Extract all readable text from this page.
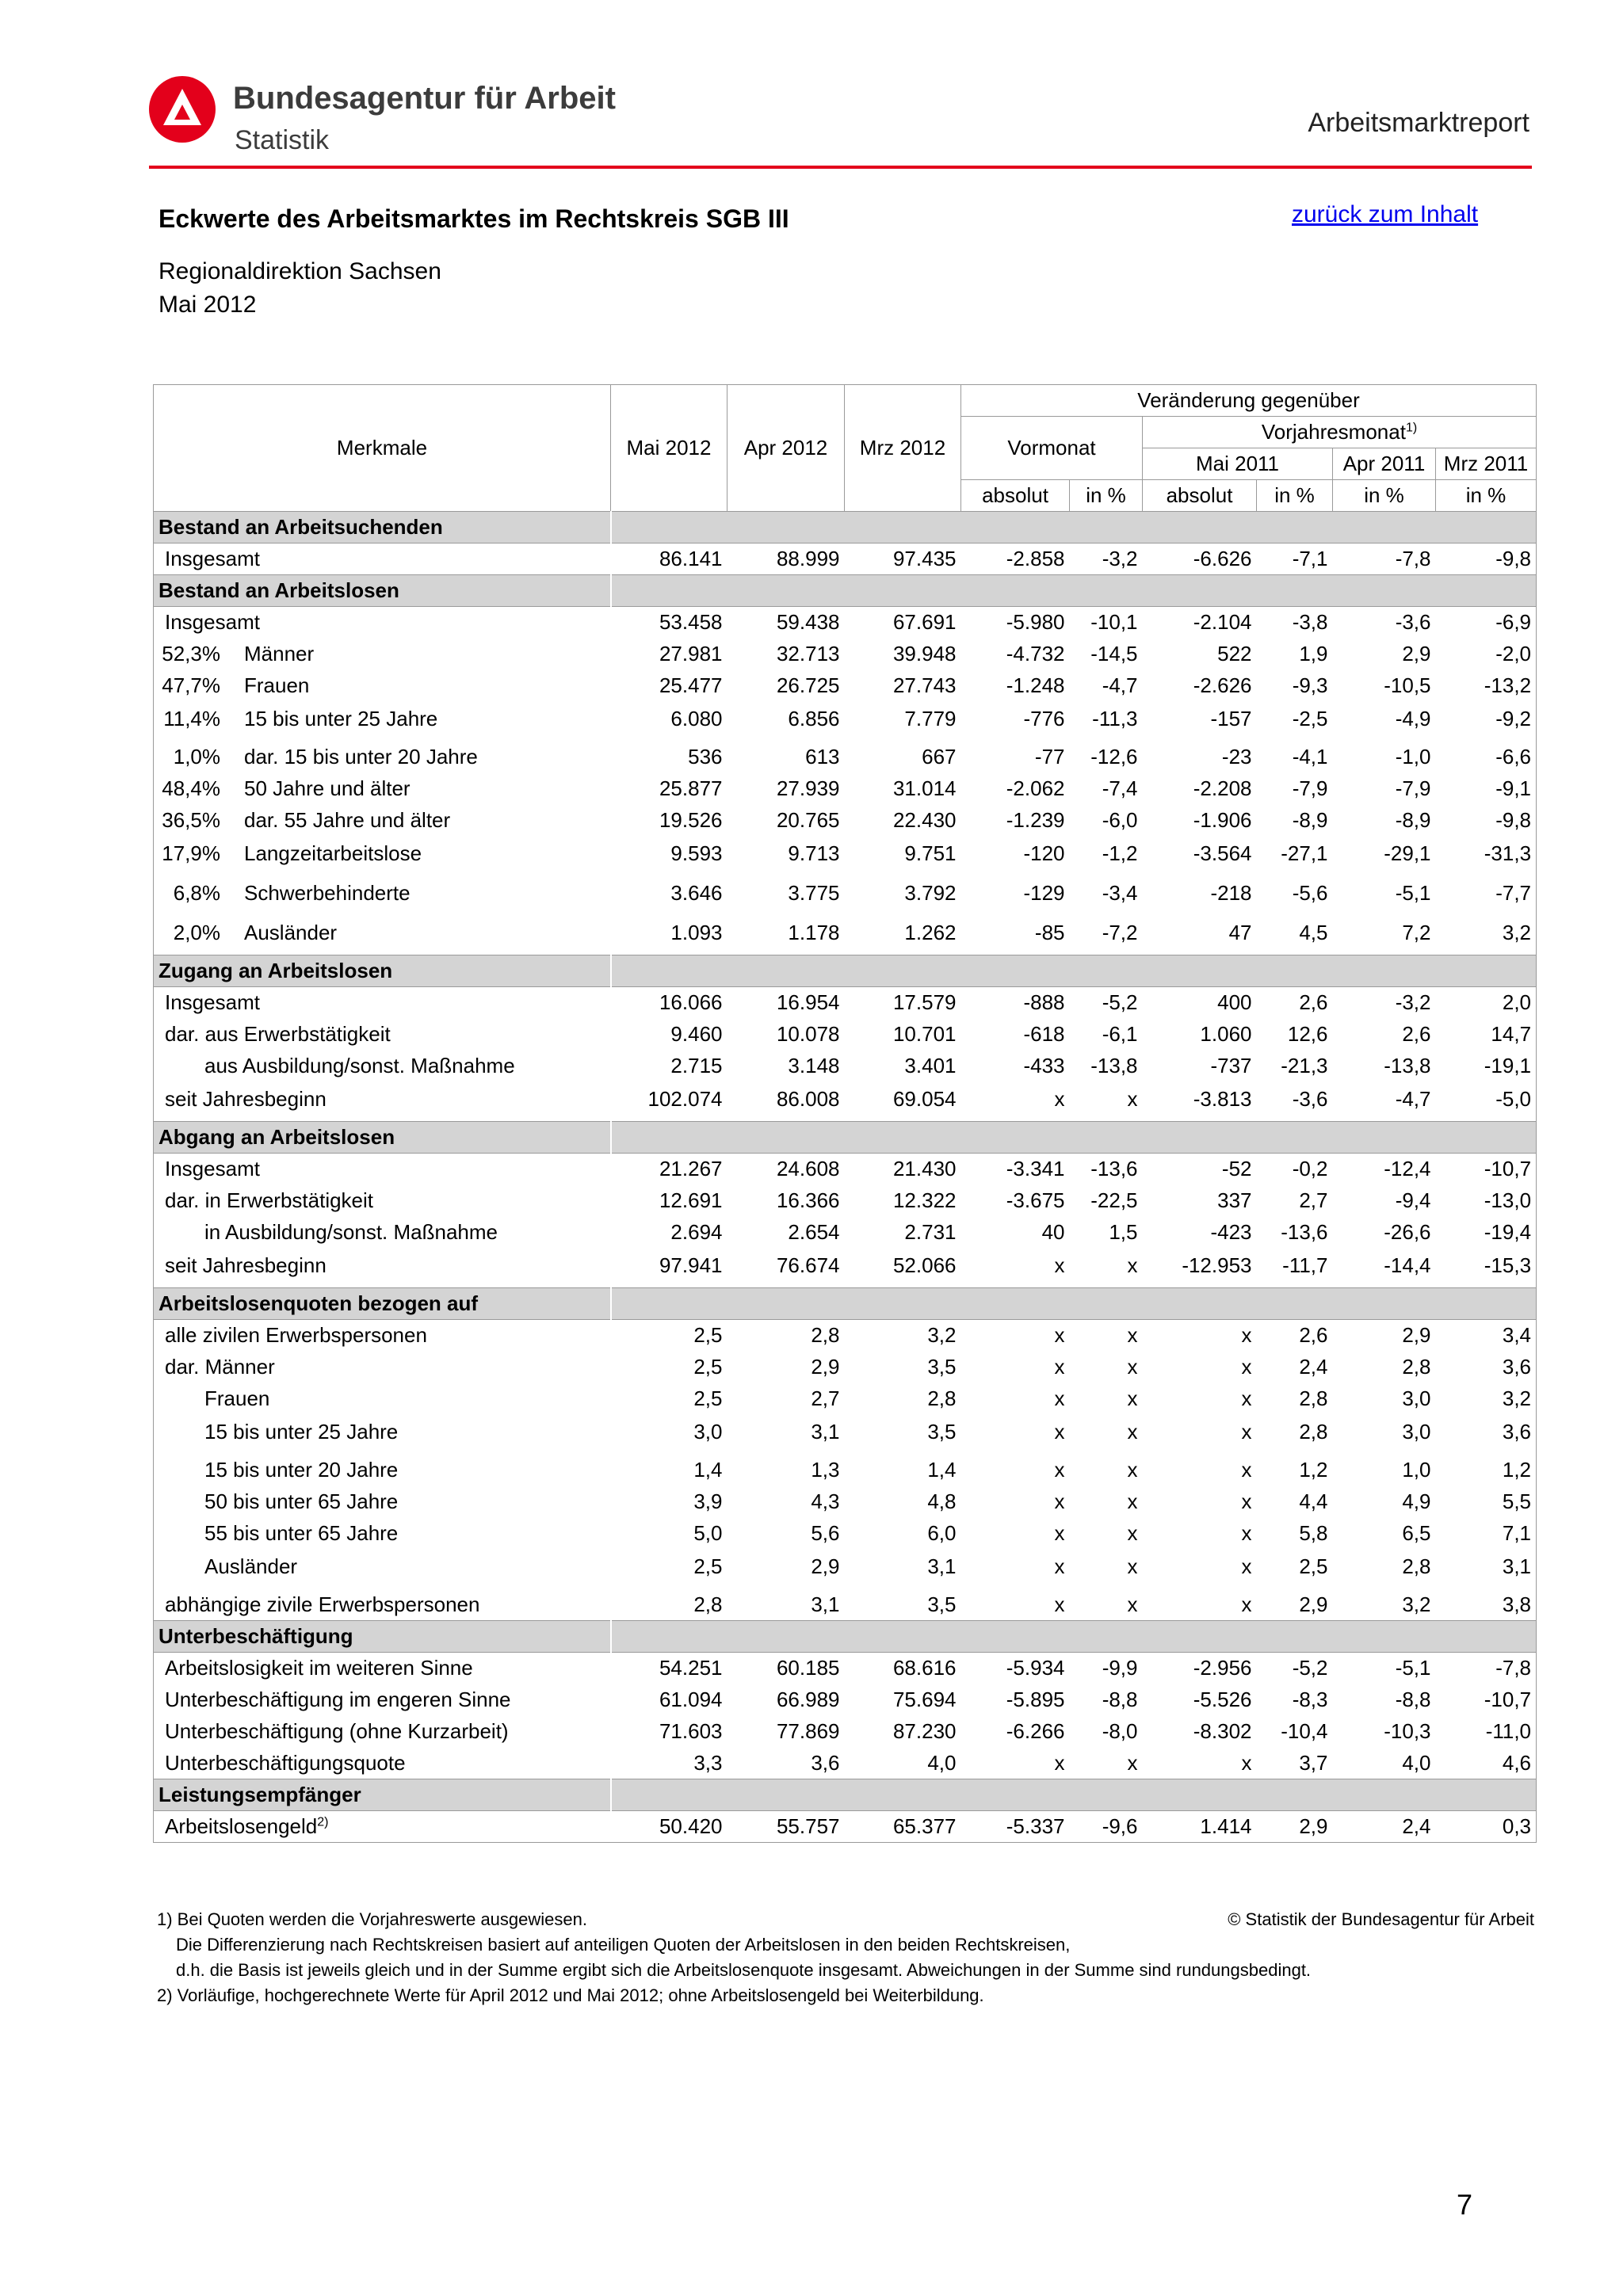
Bundesagentur für Arbeit
Statistik
Arbeitsmarktreport
Eckwerte des Arbeitsmarktes im Rechtskreis SGB III	zurück zum Inhalt
Regionaldirektion Sachsen
Mai 2012
Merkmale	Mai 2012	Apr 2012	Mrz 2012	Veränderung gegenüber					
				Vormonat		Vorjahresmonat$^{1)}$
						Mai 2011		Apr 2011	Mrz 2011
				absolut	in %	absolut	in %	in %	in %
Bestand an Arbeitsuchenden									
Insgesamt	86.141	88.999	97.435	-2.858	-3,2	-6.626	-7,1	-7,8	-9,8
Bestand an Arbeitslosen									
Insgesamt	53.458	59.438	67.691	-5.980	-10,1	-2.104	-3,8	-3,6	-6,9
52,3% Männer	27.981	32.713	39.948	-4.732	-14,5	522	1,9	2,9	-2,0
47,7% Frauen	25.477	26.725	27.743	-1.248	-4,7	-2.626	-9,3	-10,5	-13,2
11,4% 15 bis unter 25 Jahre	6.080	6.856	7.779	-776	-11,3	-157	-2,5	-4,9	-9,2
1,0% dar. 15 bis unter 20 Jahre	536	613	667	-77	-12,6	-23	-4,1	-1,0	-6,6
48,4% 50 Jahre und älter	25.877	27.939	31.014	-2.062	-7,4	-2.208	-7,9	-7,9	-9,1
36,5% dar. 55 Jahre und älter	19.526	20.765	22.430	-1.239	-6,0	-1.906	-8,9	-8,9	-9,8
17,9% Langzeitarbeitslose	9.593	9.713	9.751	-120	-1,2	-3.564	-27,1	-29,1	-31,3
6,8% Schwerbehinderte	3.646	3.775	3.792	-129	-3,4	-218	-5,6	-5,1	-7,7
2,0% Ausländer	1.093	1.178	1.262	-85	-7,2	47	4,5	7,2	3,2
Zugang an Arbeitslosen									
Insgesamt	16.066	16.954	17.579	-888	-5,2	400	2,6	-3,2	2,0
dar. aus Erwerbstätigkeit	9.460	10.078	10.701	-618	-6,1	1.060	12,6	2,6	14,7
aus Ausbildung/sonst. Maßnahme	2.715	3.148	3.401	-433	-13,8	-737	-21,3	-13,8	-19,1
seit Jahresbeginn	102.074	86.008	69.054	x	x	-3.813	-3,6	-4,7	-5,0
Abgang an Arbeitslosen									
Insgesamt	21.267	24.608	21.430	-3.341	-13,6	-52	-0,2	-12,4	-10,7
dar. in Erwerbstätigkeit	12.691	16.366	12.322	-3.675	-22,5	337	2,7	-9,4	-13,0
in Ausbildung/sonst. Maßnahme	2.694	2.654	2.731	40	1,5	-423	-13,6	-26,6	-19,4
seit Jahresbeginn	97.941	76.674	52.066	x	x	-12.953	-11,7	-14,4	-15,3
Arbeitslosenquoten bezogen auf									
alle zivilen Erwerbspersonen	2,5	2,8	3,2	x	x	x	2,6	2,9	3,4
dar. Männer	2,5	2,9	3,5	x	x	x	2,4	2,8	3,6
Frauen	2,5	2,7	2,8	x	x	x	2,8	3,0	3,2
15 bis unter 25 Jahre	3,0	3,1	3,5	x	x	x	2,8	3,0	3,6
15 bis unter 20 Jahre	1,4	1,3	1,4	x	x	x	1,2	1,0	1,2
50 bis unter 65 Jahre	3,9	4,3	4,8	x	x	x	4,4	4,9	5,5
55 bis unter 65 Jahre	5,0	5,6	6,0	x	x	x	5,8	6,5	7,1
Ausländer	2,5	2,9	3,1	x	x	x	2,5	2,8	3,1
abhängige zivile Erwerbspersonen	2,8	3,1	3,5	x	x	x	2,9	3,2	3,8
Unterbeschäftigung									
Arbeitslosigkeit im weiteren Sinne	54.251	60.185	68.616	-5.934	-9,9	-2.956	-5,2	-5,1	-7,8
Unterbeschäftigung im engeren Sinne	61.094	66.989	75.694	-5.895	-8,8	-5.526	-8,3	-8,8	-10,7
Unterbeschäftigung (ohne Kurzarbeit)	71.603	77.869	87.230	-6.266	-8,0	-8.302	-10,4	-10,3	-11,0
Unterbeschäftigungsquote	3,3	3,6	4,0	x	x	x	3,7	4,0	4,6
Leistungsempfänger									
Arbeitslosengeld$^{2)}$	50.420	55.757	65.377	-5.337	-9,6	1.414	2,9	2,4	0,3
1) Bei Quoten werden die Vorjahreswerte ausgewiesen.	© Statistik der Bundesagentur für Arbeit
Die Differenzierung nach Rechtskreisen basiert auf anteiligen Quoten der Arbeitslosen in den beiden Rechtskreisen,
d.h. die Basis ist jeweils gleich und in der Summe ergibt sich die Arbeitslosenquote insgesamt. Abweichungen in der Summe sind rundungsbedingt.
2) Vorläufige, hochgerechnete Werte für April 2012 und Mai 2012; ohne Arbeitslosengeld bei Weiterbildung.
7
